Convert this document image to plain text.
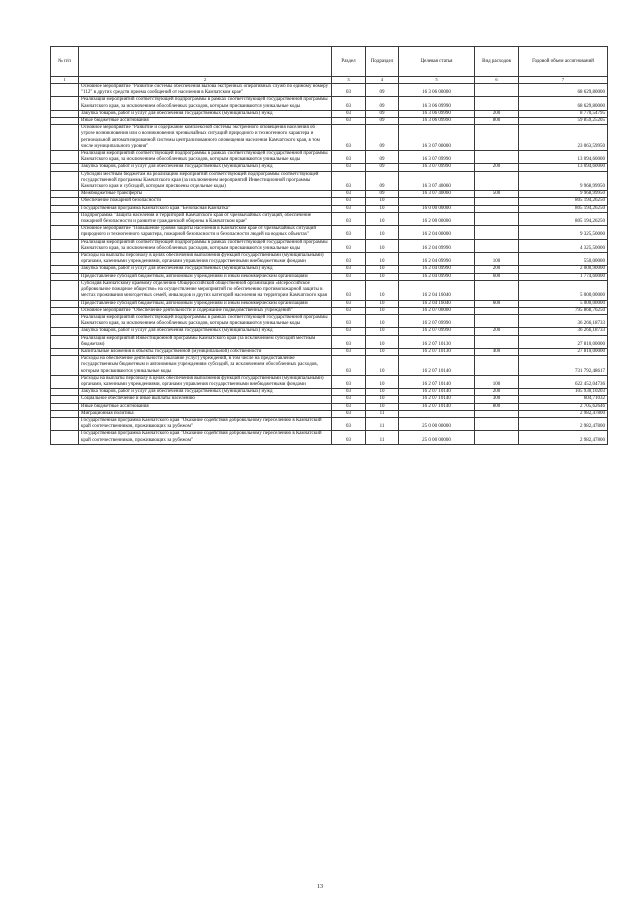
№ п/п		Раздел	Подраздел	Целевая статья	Вид расходов	Годовой объем ассигнований
1	2	3	4	5	6	7
	Основное мероприятие "Развитие системы обеспечения вызова экстренных оперативных служб по единому номеру "112" в других средств приема сообщений от населения в Камчатском крае"	03	09	16 3 06 00000		68 629,80000
	Реализация мероприятий соответствующей подпрограммы в рамках соответствующей государственной программы Камчатского края, за исключением обособленных расходов, которым присваиваются уникальные коды	03	09	16 3 06 09990		68 629,80000
	Закупка товаров, работ и услуг для обеспечения государственных (муниципальных) нужд	03	09	16 3 06 09990	200	8 770,54795
	Иные бюджетные ассигнования	03	09	16 3 06 09990	800	59 859,25205
	Основное мероприятие "Развитие и содержание комплексной системы экстренного оповещения населения об угрозе возникновения или о возникновении чрезвычайных ситуаций природного и техногенного характера и региональной автоматизированной системы централизованного оповещения населения Камчатского края, в том числе муниципального уровня"	03	09	16 3 07 00000		23 063,59950
	Реализация мероприятий соответствующей подпрограммы в рамках соответствующей государственной программы Камчатского края, за исключением обособленных расходов, которым присваиваются уникальные коды	03	09	16 3 07 09990		13 094,60000
	Закупка товаров, работ и услуг для обеспечения государственных (муниципальных) нужд	03	09	16 3 07 09990	200	13 094,60000
	Субсидии местным бюджетам на реализацию мероприятий соответствующей подпрограммы соответствующей государственной программы Камчатского края (за исключением мероприятий Инвестиционной программы Камчатского края и субсидий, которым присвоены отдельные коды)	03	09	16 3 07 40060		9 968,99950
	Межбюджетные трансферты	03	09	16 3 07 40060	500	9 968,99950
	Обеспечение пожарной безопасности	03	10			805 194,26250
	Государственная программа Камчатского края "Безопасная Камчатка"	03	10	16 0 00 00000		805 194,26250
	Подпрограмма "Защита населения и территорий Камчатского края от чрезвычайных ситуаций, обеспечение пожарной безопасности и развитие гражданской обороны в Камчатском крае"	03	10	16 2 00 00000		805 194,26250
	Основное мероприятие "Повышение уровня защиты населения в Камчатском крае от чрезвычайных ситуаций природного и техногенного характера, пожарной безопасности и безопасности людей на водных объектах"	03	10	16 2 04 00000		9 325,50000
	Реализация мероприятий соответствующей подпрограммы в рамках соответствующей государственной программы Камчатского края, за исключением обособленных расходов, которым присваиваются уникальные коды	03	10	16 2 04 09990		4 325,50000
	Расходы на выплаты персоналу в целях обеспечения выполнения функций государственными (муниципальными) органами, казенными учреждениями, органами управления государственными внебюджетными фондами	03	10	16 2 04 09990	100	550,00000
	Закупка товаров, работ и услуг для обеспечения государственных (муниципальных) нужд	03	10	16 2 04 09990	200	2 000,90000
	Предоставление субсидий бюджетным, автономным учреждениям и иным некоммерческим организациям	03	10	16 2 04 09990	600	1 774,60000
	Субсидия Камчатскому краевому отделению Общероссийской общественной организации «Всероссийское добровольное пожарное общество» на осуществление мероприятий по обеспечению противопожарной защиты в местах проживания многодетных семей, инвалидов и других категорий населения на территории Камчатского края	03	10	16 2 04 16040		5 000,00000
	Предоставление субсидий бюджетным, автономным учреждениям и иным некоммерческим организациям	03	10	16 2 04 16040	600	5 000,00000
	Основное мероприятие "Обеспечение деятельности и содержание подведомственных учреждений"	03	10	16 2 07 00000		795 868,76250
	Реализация мероприятий соответствующей подпрограммы в рамках соответствующей государственной программы Камчатского края, за исключением обособленных расходов, которым присваиваются уникальные коды	03	10	16 2 07 09990		36 266,18733
	Закупка товаров, работ и услуг для обеспечения государственных (муниципальных) нужд	03	10	16 2 07 09990	200	36 266,18733
	Реализация мероприятий Инвестиционной программы Камчатского края (за исключением субсидий местным бюджетам)	03	10	16 2 07 10130		27 810,00000
	Капитальные вложения в объекты государственной (муниципальной) собственности	03	10	16 2 07 10130	400	27 810,00000
	Расходы на обеспечение деятельности (оказание услуг) учреждений, в том числе на предоставление государственным бюджетным и автономным учреждениям субсидий, за исключением обособленных расходов, которым присваиваются уникальные коды	03	10	16 2 07 10140		731 792,48617
	Расходы на выплаты персоналу в целях обеспечения выполнения функций государственными (муниципальными) органами, казенными учреждениями, органами управления государственными внебюджетными фондами	03	10	16 2 07 10140	100	622 452,04736
	Закупка товаров, работ и услуг для обеспечения государственных (муниципальных) нужд	03	10	16 2 07 10140	200	105 930,10203
	Социальное обеспечение и иные выплаты населению	03	10	16 2 07 10140	300	604,71032
	Иные бюджетные ассигнования	03	10	16 2 07 10140	800	2 705,62646
	Миграционная политика	03	11			2 982,47800
	Государственная программа Камчатского края "Оказание содействия добровольному переселению в Камчатский край соотечественников, проживающих за рубежом"	03	11	25 0 00 00000		2 982,47800
	Государственная программа Камчатского края "Оказание содействия добровольному переселению в Камчатский край соотечественников, проживающих за рубежом"	03	11	25 0 00 00000		2 982,47800
13
